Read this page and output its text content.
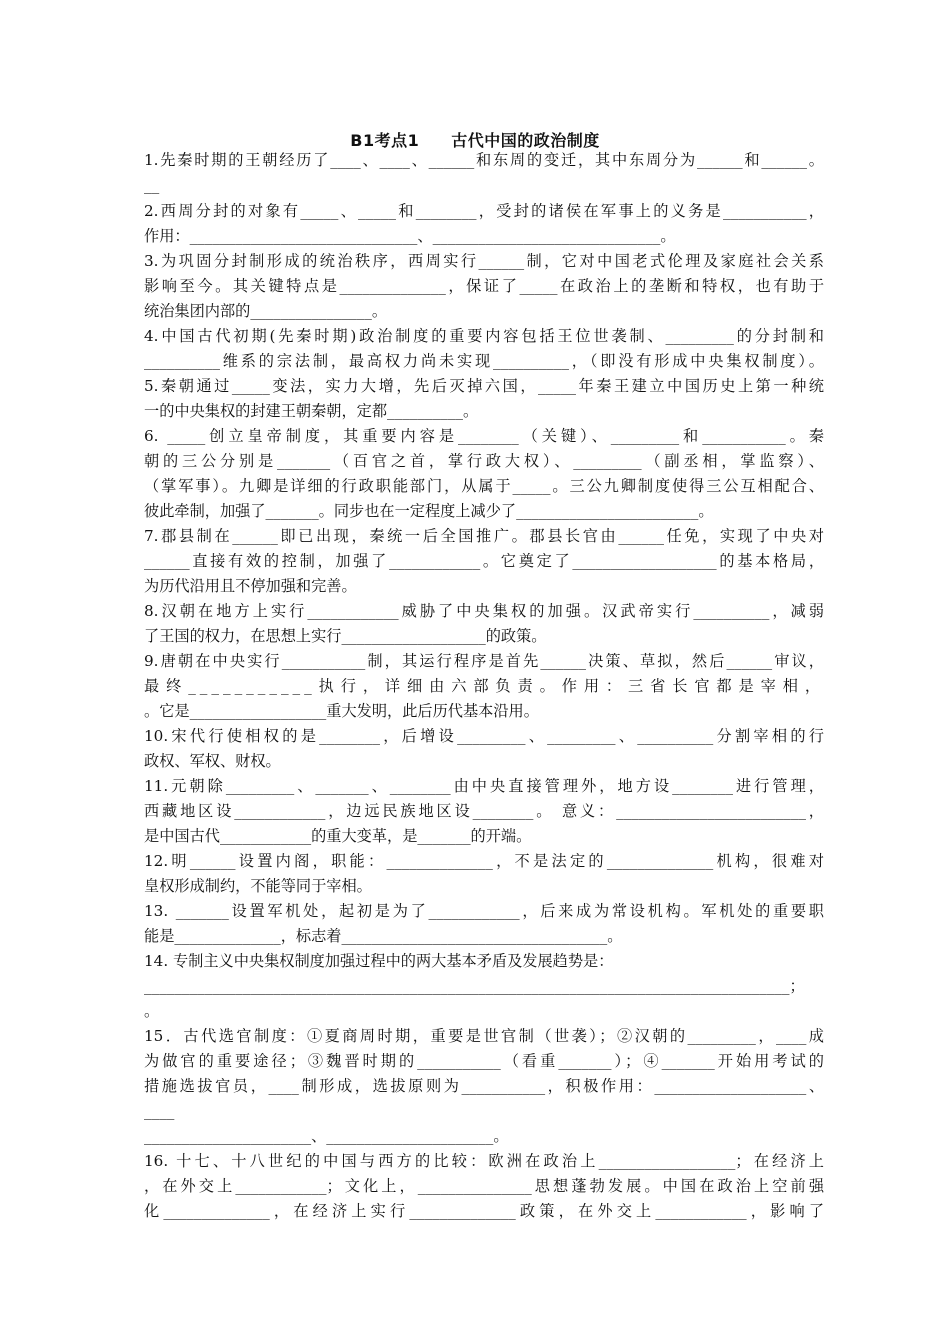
B1考点1 古代中国的政治制度
1.先秦时期的王朝经历了____、____、______和东周的变迁，其中东周分为______和______。
__
2.西周分封的对象有_____、_____和________，受封的诸侯在军事上的义务是___________，
作用：______________________________、______________________________。
3.为巩固分封制形成的统治秩序，西周实行______制，它对中国老式伦理及家庭社会关系
影响至今。其关键特点是______________，保证了_____在政治上的垄断和特权，也有助于
统治集团内部的________________。
4.中国古代初期(先秦时期)政治制度的重要内容包括王位世袭制、_________的分封制和
__________维系的宗法制，最高权力尚未实现__________，（即没有形成中央集权制度）。
5.秦朝通过_____变法，实力大增，先后灭掉六国，_____年秦王建立中国历史上第一种统
一的中央集权的封建王朝秦朝，定都__________。
6. _____创立皇帝制度，其重要内容是________（关键）、_________和___________。秦
朝的三公分别是_______（百官之首，掌行政大权）、_________（副丞相，掌监察）、
（掌军事）。九卿是详细的行政职能部门，从属于_____。三公九卿制度使得三公互相配合、
彼此牵制，加强了_______。同步也在一定程度上减少了________________________。
7.郡县制在______即已出现，秦统一后全国推广。郡县长官由______任免，实现了中央对
______直接有效的控制，加强了____________。它奠定了___________________的基本格局，
为历代沿用且不停加强和完善。
8.汉朝在地方上实行____________威胁了中央集权的加强。汉武帝实行__________，减弱
了王国的权力，在思想上实行___________________的政策。
9.唐朝在中央实行___________制，其运行程序是首先______决策、草拟，然后______审议，
最终___________执行，详细由六部负责。作用：三省长官都是宰相，
。它是__________________重大发明，此后历代基本沿用。
10.宋代行使相权的是________，后增设_________、_________、__________分割宰相的行
政权、军权、财权。
11.元朝除_________、_______、________由中央直接管理外，地方设________进行管理，
西藏地区设____________，边远民族地区设________。 意义：_________________________，
是中国古代____________的重大变革，是_______的开端。
12.明______设置内阁，职能：______________，不是法定的______________机构，很难对
皇权形成制约，不能等同于宰相。
13. _______设置军机处，起初是为了____________，后来成为常设机构。军机处的重要职
能是______________，标志着___________________________________。
14. 专制主义中央集权制度加强过程中的两大基本矛盾及发展趋势是：
_____________________________________________________________________________________；
。
15．古代选官制度：①夏商周时期，重要是世官制（世袭）；②汉朝的_________，____成
为做官的重要途径；③魏晋时期的___________（看重_______）；④_______开始用考试的
措施选拔官员，____制形成，选拔原则为___________，积极作用：____________________、
____
______________________、______________________。
16. 十七、十八世纪的中国与西方的比较：欧洲在政治上__________________；在经济上
，在外交上____________；文化上，_______________思想蓬勃发展。中国在政治上空前强
化______________，在经济上实行______________政策，在外交上____________，影响了
